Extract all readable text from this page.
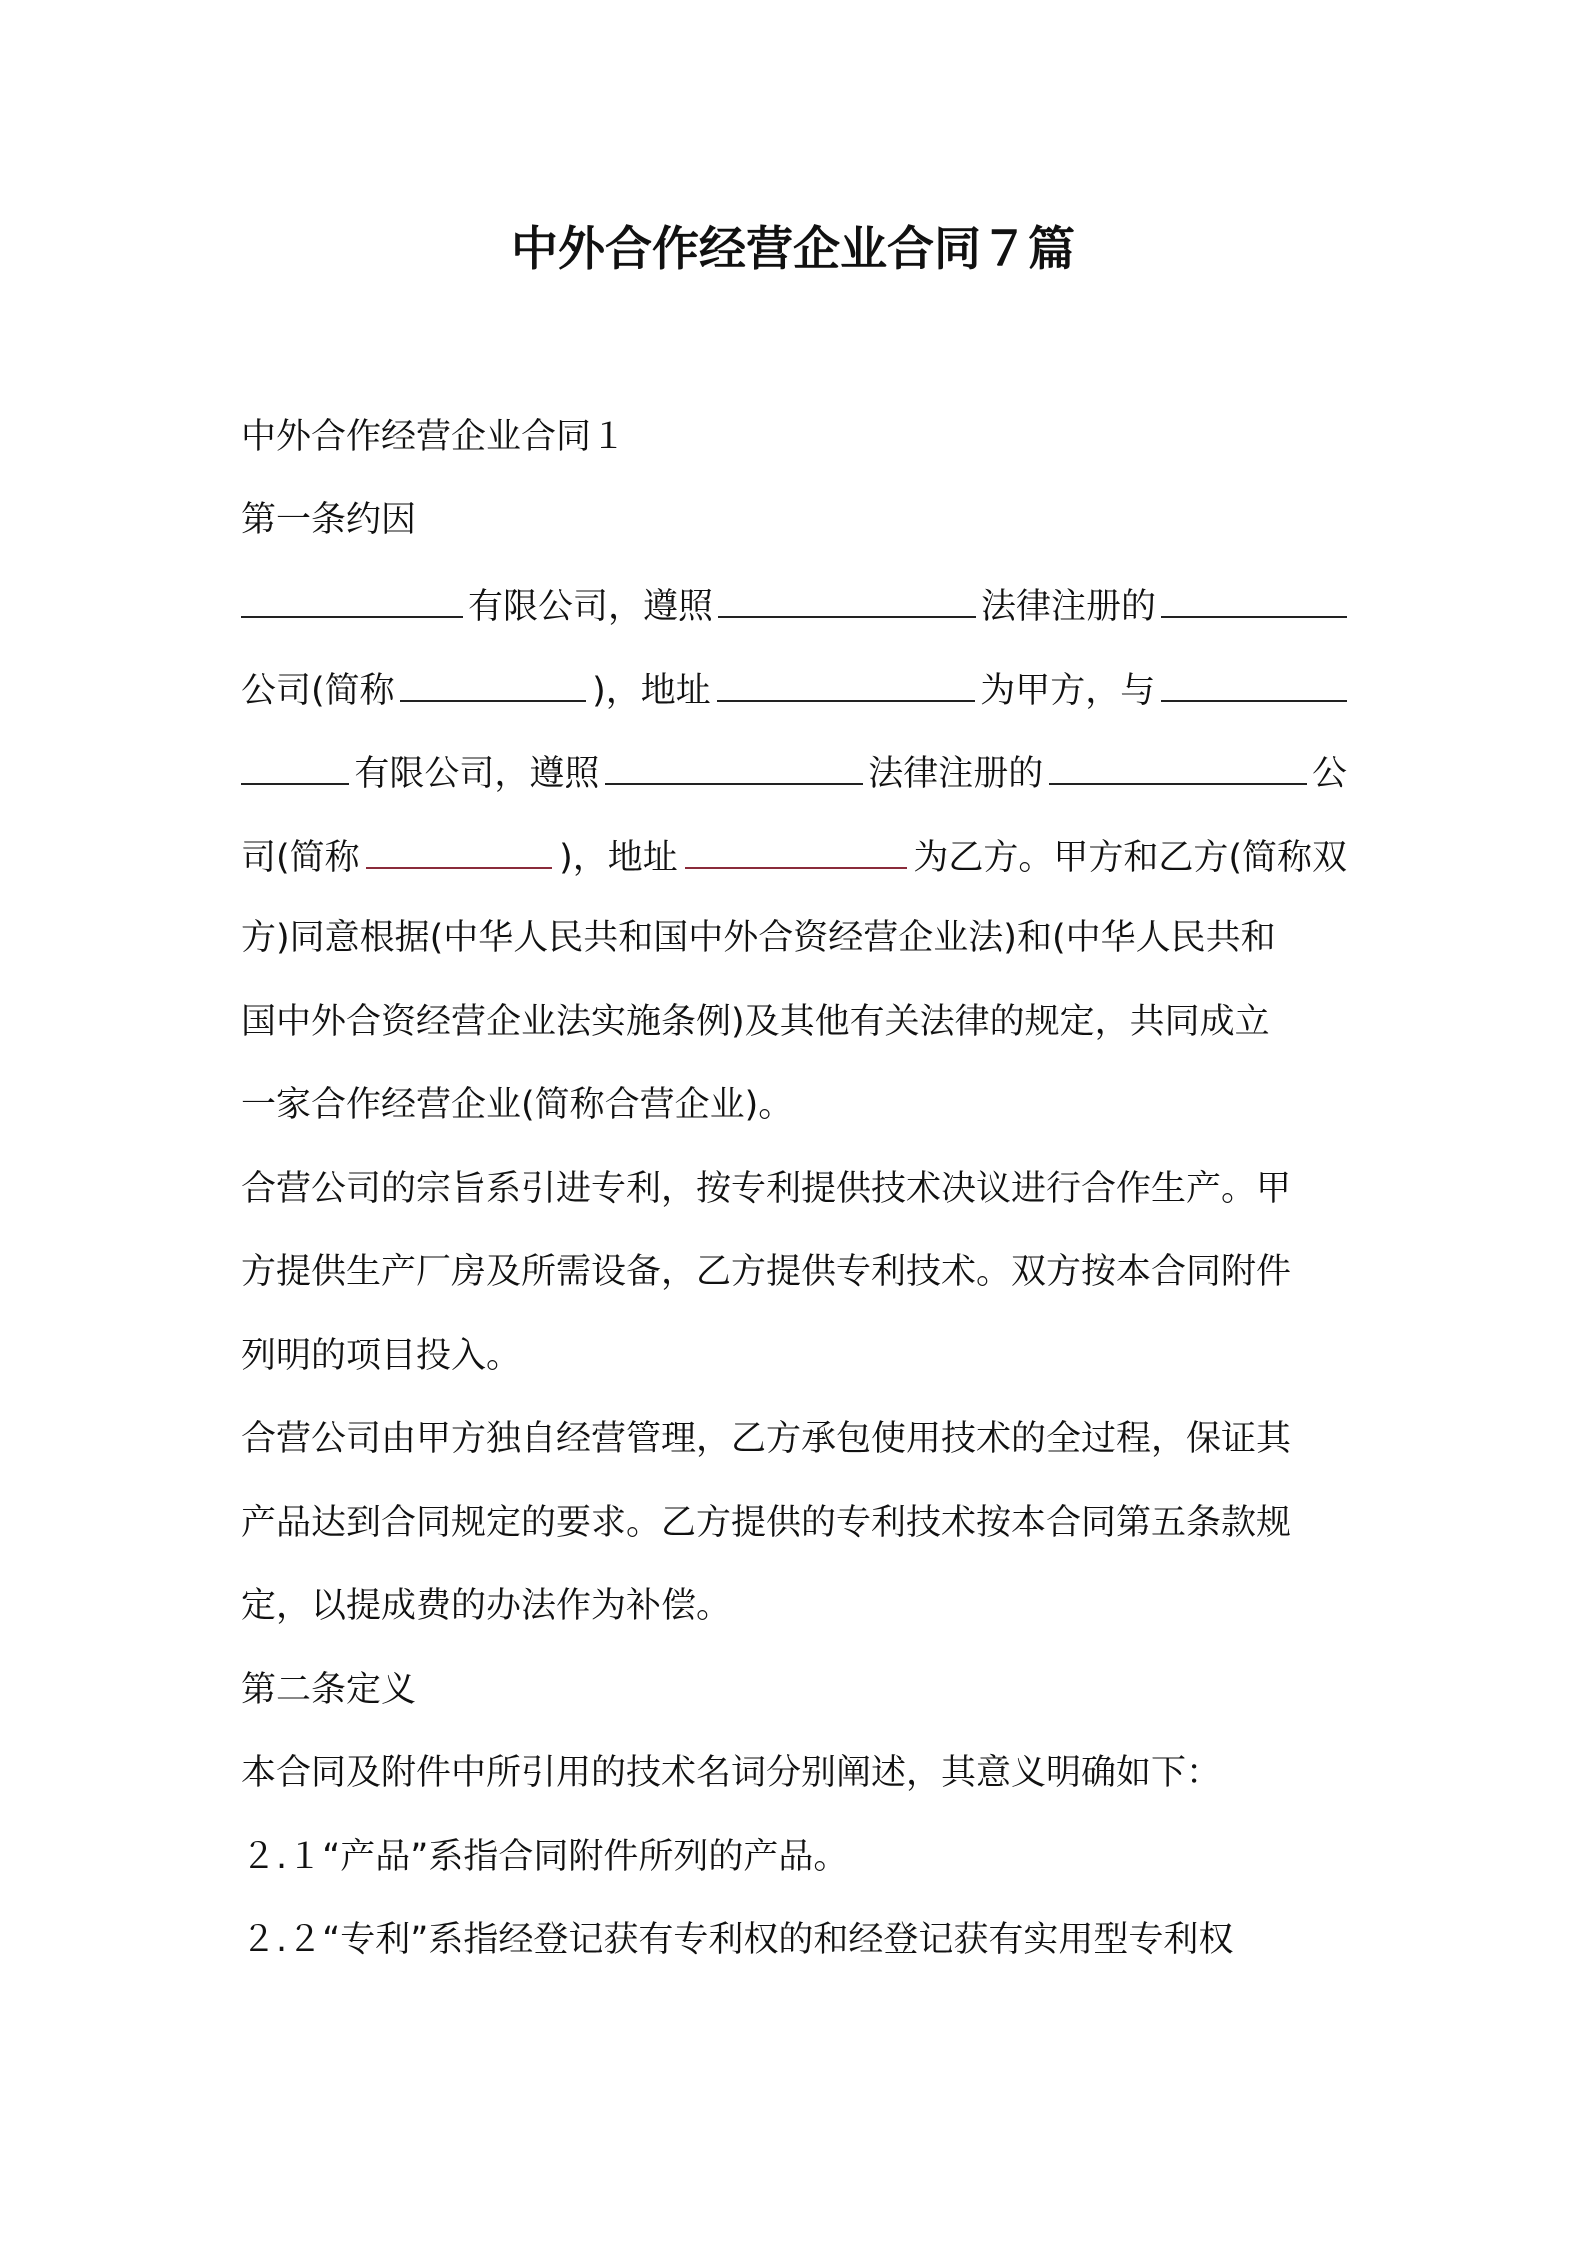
中外合作经营企业合同７篇

中外合作经营企业合同１

第一条约因

有限公司，遵照	法律注册的
公司(简称	)，地址	为甲方，与
有限公司，遵照	法律注册的	公
司(简称	)，地址	为乙方。甲方和乙方(简称双

方)同意根据(中华人民共和国中外合资经营企业法)和(中华人民共和

国中外合资经营企业法实施条例)及其他有关法律的规定，共同成立

一家合作经营企业(简称合营企业)。

合营公司的宗旨系引进专利，按专利提供技术决议进行合作生产。甲

方提供生产厂房及所需设备，乙方提供专利技术。双方按本合同附件

列明的项目投入。

合营公司由甲方独自经营管理，乙方承包使用技术的全过程，保证其

产品达到合同规定的要求。乙方提供的专利技术按本合同第五条款规

定，以提成费的办法作为补偿。

第二条定义

本合同及附件中所引用的技术名词分别阐述，其意义明确如下：

２.１“产品”系指合同附件所列的产品。

２.２“专利”系指经登记获有专利权的和经登记获有实用型专利权
